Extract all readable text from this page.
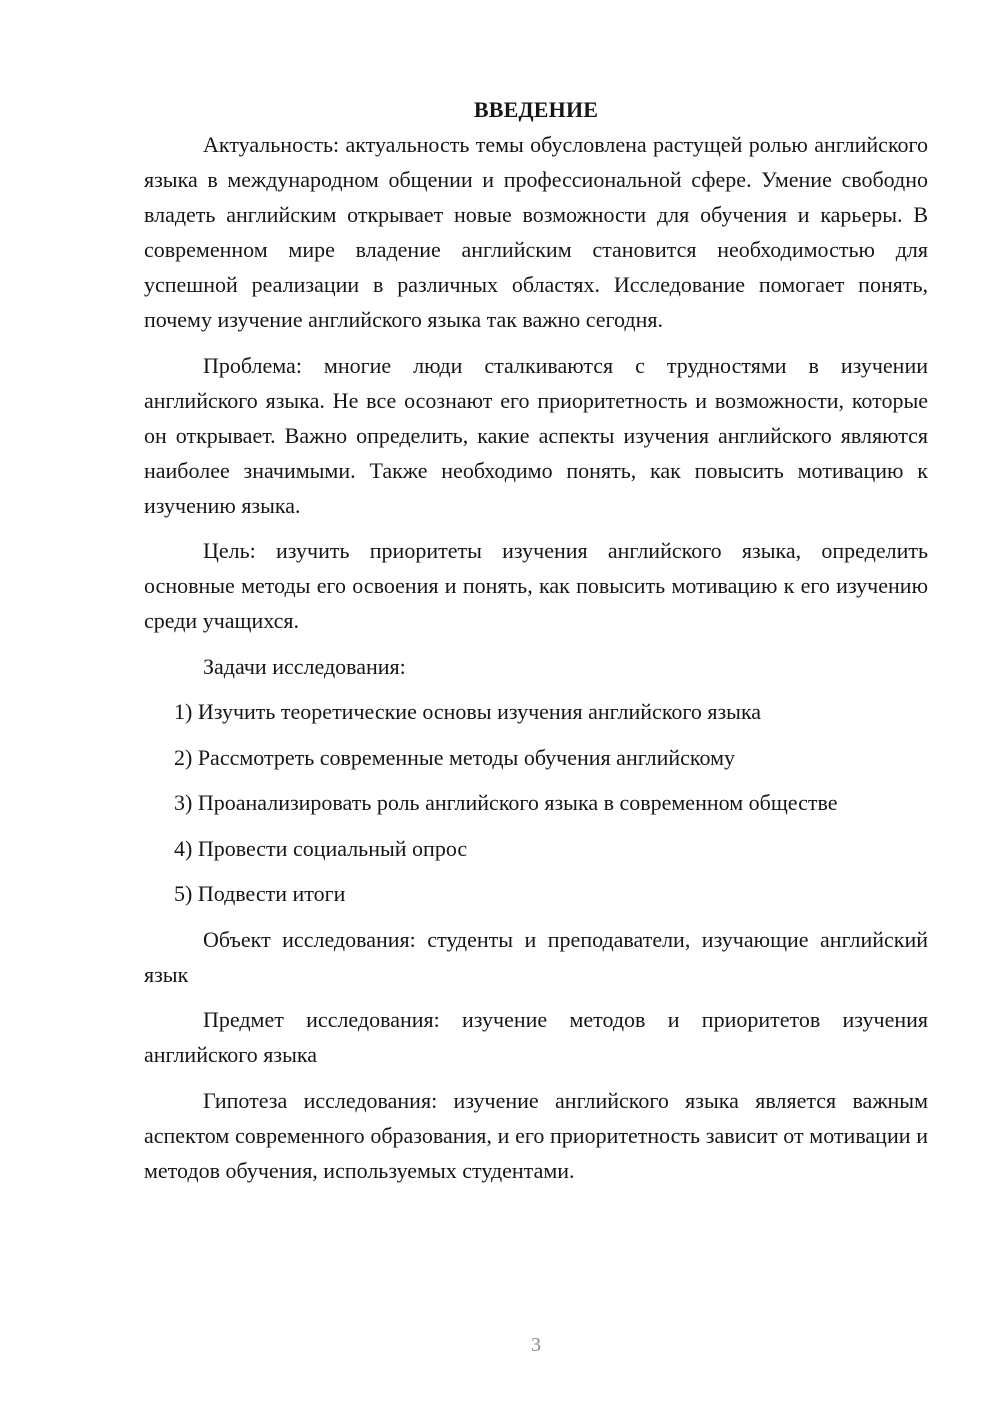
ВВЕДЕНИЕ

Актуальность: актуальность темы обусловлена растущей ролью английского языка в международном общении и профессиональной сфере. Умение свободно владеть английским открывает новые возможности для обучения и карьеры. В современном мире владение английским становится необходимостью для успешной реализации в различных областях. Исследование помогает понять, почему изучение английского языка так важно сегодня.

Проблема: многие люди сталкиваются с трудностями в изучении английского языка. Не все осознают его приоритетность и возможности, которые он открывает. Важно определить, какие аспекты изучения английского являются наиболее значимыми. Также необходимо понять, как повысить мотивацию к изучению языка.

Цель: изучить приоритеты изучения английского языка, определить основные методы его освоения и понять, как повысить мотивацию к его изучению среди учащихся.

Задачи исследования:

1) Изучить теоретические основы изучения английского языка

2) Рассмотреть современные методы обучения английскому

3) Проанализировать роль английского языка в современном обществе

4) Провести социальный опрос

5) Подвести итоги

Объект исследования: студенты и преподаватели, изучающие английский язык

Предмет исследования: изучение методов и приоритетов изучения английского языка

Гипотеза исследования: изучение английского языка является важным аспектом современного образования, и его приоритетность зависит от мотивации и методов обучения, используемых студентами.

3
